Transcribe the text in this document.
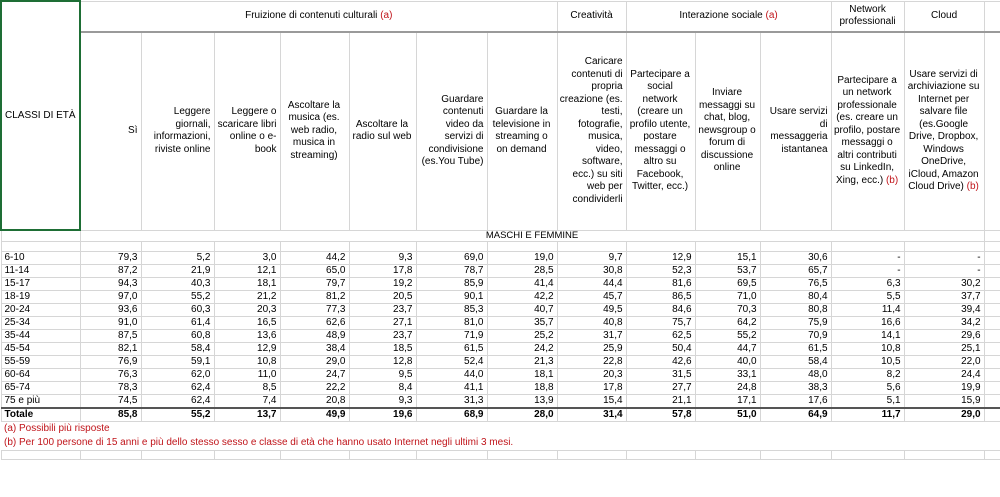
CLASSI DI ETÀ	Fruizione di contenuti culturali (a)							Creatività	Interazione sociale (a)			Network professionali	Cloud	
	Sì	Leggere giornali, informazioni, riviste online	Leggere o scaricare libri online o e-book	Ascoltare la musica (es. web radio, musica in streaming)	Ascoltare la radio sul web	Guardare contenuti video da servizi di condivisione (es.You Tube)	Guardare la televisione in streaming o on demand	Caricare contenuti di propria creazione (es. testi, fotografie, musica, video, software, ecc.) su siti web per condividerli	Partecipare a social network (creare un profilo utente, postare messaggi o altro su Facebook, Twitter, ecc.)	Inviare messaggi su chat, blog, newsgroup o forum di discussione online	Usare servizi di messaggeria istantanea	Partecipare a un network professionale (es. creare un profilo, postare messaggi o altri contributi su LinkedIn, Xing, ecc.) (b)	Usare servizi di archiviazione su Internet per salvare file (es.Google Drive, Dropbox, Windows OneDrive, iCloud, Amazon Cloud Drive) (b)	
	MASCHI E FEMMINE													

6-10	79,3	5,2	3,0	44,2	9,3	69,0	19,0	9,7	12,9	15,1	30,6	-	-	
11-14	87,2	21,9	12,1	65,0	17,8	78,7	28,5	30,8	52,3	53,7	65,7	-	-	
15-17	94,3	40,3	18,1	79,7	19,2	85,9	41,4	44,4	81,6	69,5	76,5	6,3	30,2	
18-19	97,0	55,2	21,2	81,2	20,5	90,1	42,2	45,7	86,5	71,0	80,4	5,5	37,7	
20-24	93,6	60,3	20,3	77,3	23,7	85,3	40,7	49,5	84,6	70,3	80,8	11,4	39,4	
25-34	91,0	61,4	16,5	62,6	27,1	81,0	35,7	40,8	75,7	64,2	75,9	16,6	34,2	
35-44	87,5	60,8	13,6	48,9	23,7	71,9	25,2	31,7	62,5	55,2	70,9	14,1	29,6	
45-54	82,1	58,4	12,9	38,4	18,5	61,5	24,2	25,9	50,4	44,7	61,5	10,8	25,1	
55-59	76,9	59,1	10,8	29,0	12,8	52,4	21,3	22,8	42,6	40,0	58,4	10,5	22,0	
60-64	76,3	62,0	11,0	24,7	9,5	44,0	18,1	20,3	31,5	33,1	48,0	8,2	24,4	
65-74	78,3	62,4	8,5	22,2	8,4	41,1	18,8	17,8	27,7	24,8	38,3	5,6	19,9	
75 e più	74,5	62,4	7,4	20,8	9,3	31,3	13,9	15,4	21,1	17,1	17,6	5,1	15,9	
Totale	85,8	55,2	13,7	49,9	19,6	68,9	28,0	31,4	57,8	51,0	64,9	11,7	29,0	
(a) Possibili più risposte														
(b) Per 100 persone di 15 anni e più dello stesso sesso e classe di età che hanno usato Internet negli ultimi 3 mesi.														
